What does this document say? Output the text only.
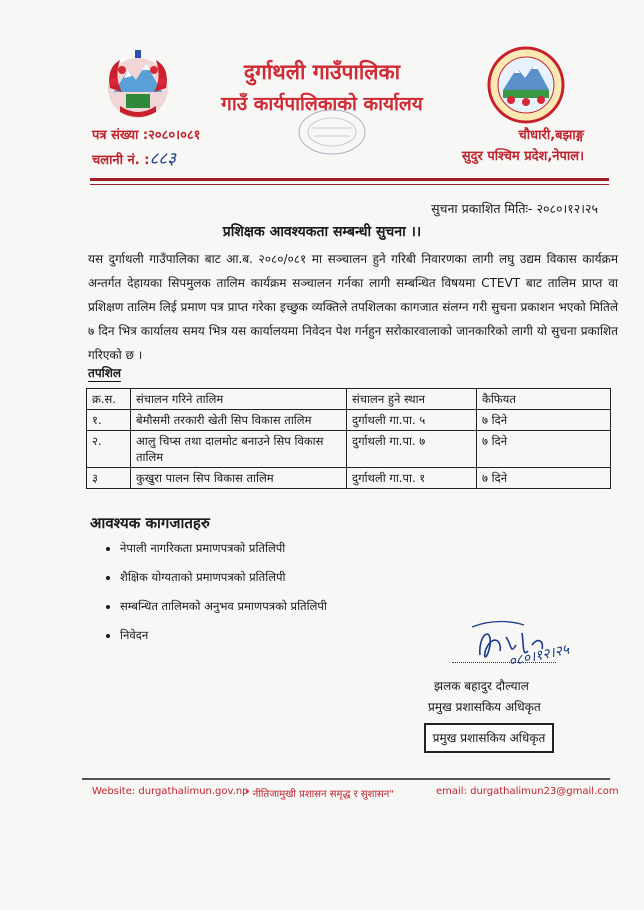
दुर्गाथली गाउँपालिका
गाउँ कार्यपालिकाको कार्यालय
पत्र संख्या :२०८०।०८१
चलानी नं. :८८३
चौधारी,बझाङ्ग
सुदुर पश्चिम प्रदेश,नेपाल।
सुचना प्रकाशित मितिः- २०८०।१२।२५
प्रशिक्षक आवश्यकता सम्बन्धी सुचना ।।

यस दुर्गाथली गाउँपालिका बाट आ.ब. २०८०/०८१ मा सञ्चालन हुने गरिबी निवारणका लागी लघु उद्यम विकास कार्यक्रम अन्तर्गत देहायका सिपमुलक तालिम कार्यक्रम सञ्चालन गर्नका लागी सम्बन्धित विषयमा CTEVT बाट तालिम प्राप्त वा प्रशिक्षण तालिम लिई प्रमाण पत्र प्राप्त गरेका इच्छुक व्यक्तिले तपशिलका कागजात संलग्न गरी सुचना प्रकाशन भएको मितिले ७ दिन भित्र कार्यालय समय भित्र यस कार्यालयमा निवेदन पेश गर्नहुन सरोकारवालाको जानकारिको लागी यो सुचना प्रकाशित गरिएको छ ।

तपशिल
क्र.स.	संचालन गरिने तालिम	संचालन हुने स्थान	कैफियत
१.	बेमौसमी तरकारी खेती सिप विकास तालिम	दुर्गाथली गा.पा. ५	७ दिने
२.	आलु चिप्स तथा दालमोट बनाउने सिप विकास तालिम	दुर्गाथली गा.पा. ७	७ दिने
३	कुखुरा पालन सिप विकास तालिम	दुर्गाथली गा.पा. १	७ दिने
आवश्यक कागजातहरु
• नेपाली नागरिकता प्रमाणपत्रको प्रतिलिपी
• शैक्षिक योग्यताको प्रमाणपत्रको प्रतिलिपी
• सम्बन्धित तालिमको अनुभव प्रमाणपत्रको प्रतिलिपी
• निवेदन
०८०।१२।२५
झलक बहादुर दौल्याल
प्रमुख प्रशासकिय अधिकृत
प्रमुख प्रशासकिय अधिकृत
Website: durgathalimun.gov.np
" नीतिजामुखी प्रशासन समृद्ध र सुशासन"	email: durgathalimun23@gmail.com
